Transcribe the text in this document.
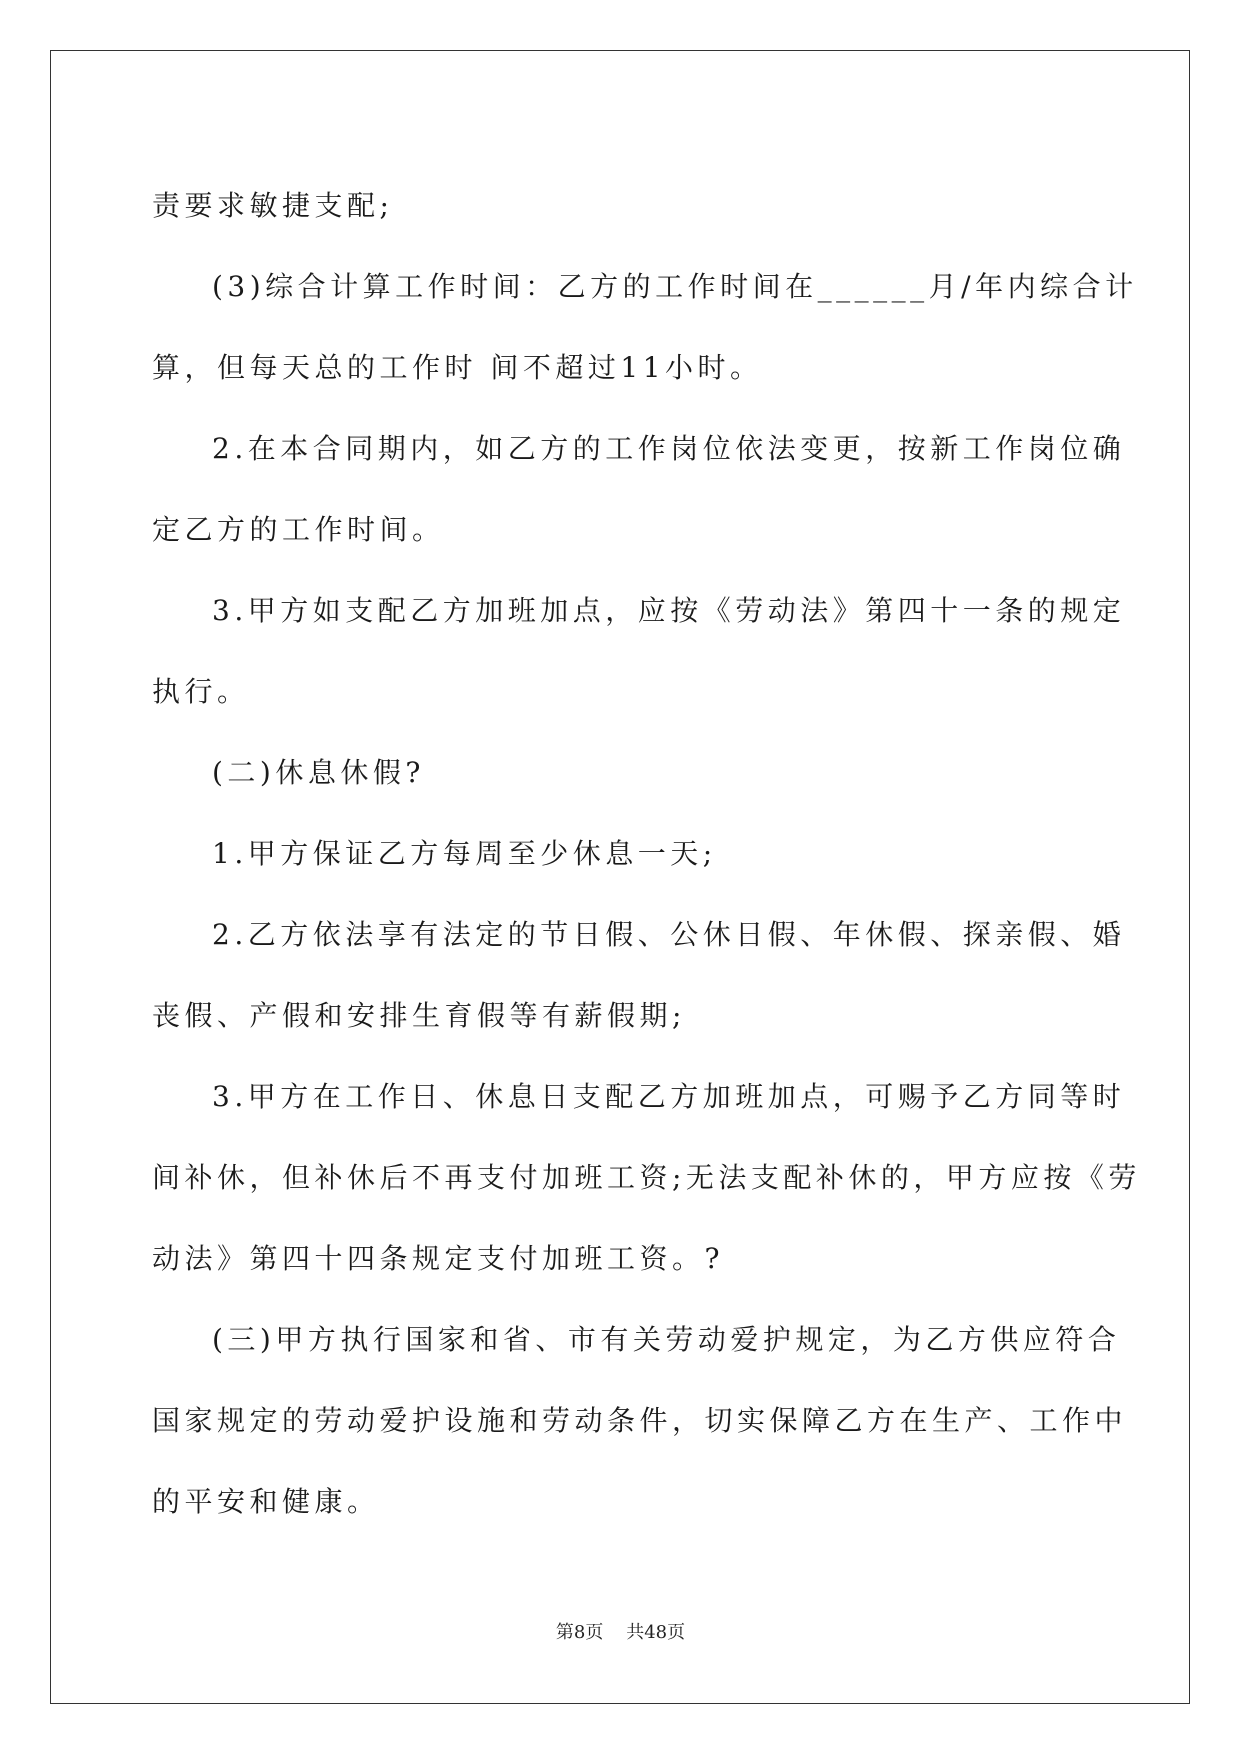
责要求敏捷支配;

(3)综合计算工作时间：乙方的工作时间在______月/年内综合计

算，但每天总的工作时 间不超过11小时。

2.在本合同期内，如乙方的工作岗位依法变更，按新工作岗位确

定乙方的工作时间。

3.甲方如支配乙方加班加点，应按《劳动法》第四十一条的规定

执行。

(二)休息休假?

1.甲方保证乙方每周至少休息一天;

2.乙方依法享有法定的节日假、公休日假、年休假、探亲假、婚

丧假、产假和安排生育假等有薪假期;

3.甲方在工作日、休息日支配乙方加班加点，可赐予乙方同等时

间补休，但补休后不再支付加班工资;无法支配补休的，甲方应按《劳

动法》第四十四条规定支付加班工资。?

(三)甲方执行国家和省、市有关劳动爱护规定，为乙方供应符合

国家规定的劳动爱护设施和劳动条件，切实保障乙方在生产、工作中

的平安和健康。

第8页    共48页
